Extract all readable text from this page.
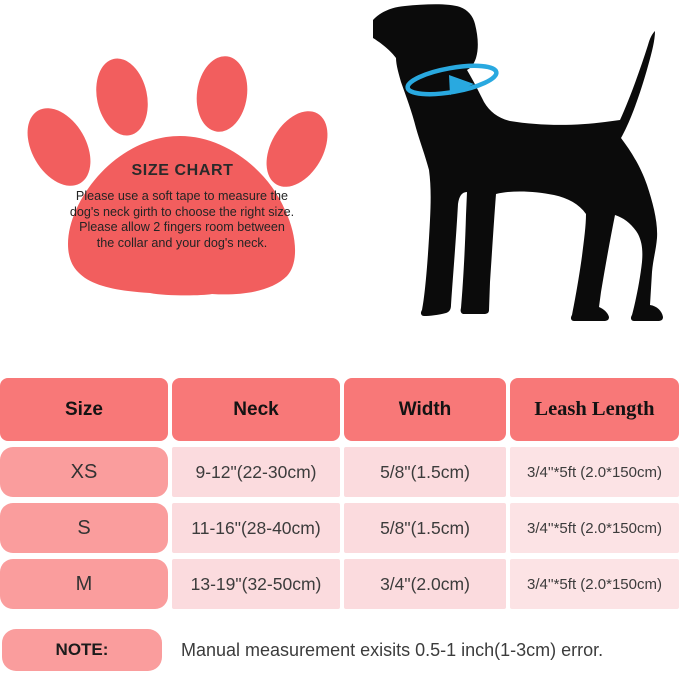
SIZE CHART
Please use a soft tape to measure the
dog's neck girth to choose the right size.
Please allow 2 fingers room between
the collar and your dog's neck.
Size	Neck	Width	Leash Length
XS	9-12"(22-30cm)	5/8"(1.5cm)	3/4''*5ft (2.0*150cm)
S	11-16"(28-40cm)	5/8"(1.5cm)	3/4''*5ft (2.0*150cm)
M	13-19"(32-50cm)	3/4"(2.0cm)	3/4''*5ft (2.0*150cm)
NOTE:	Manual measurement exisits 0.5-1 inch(1-3cm) error.
